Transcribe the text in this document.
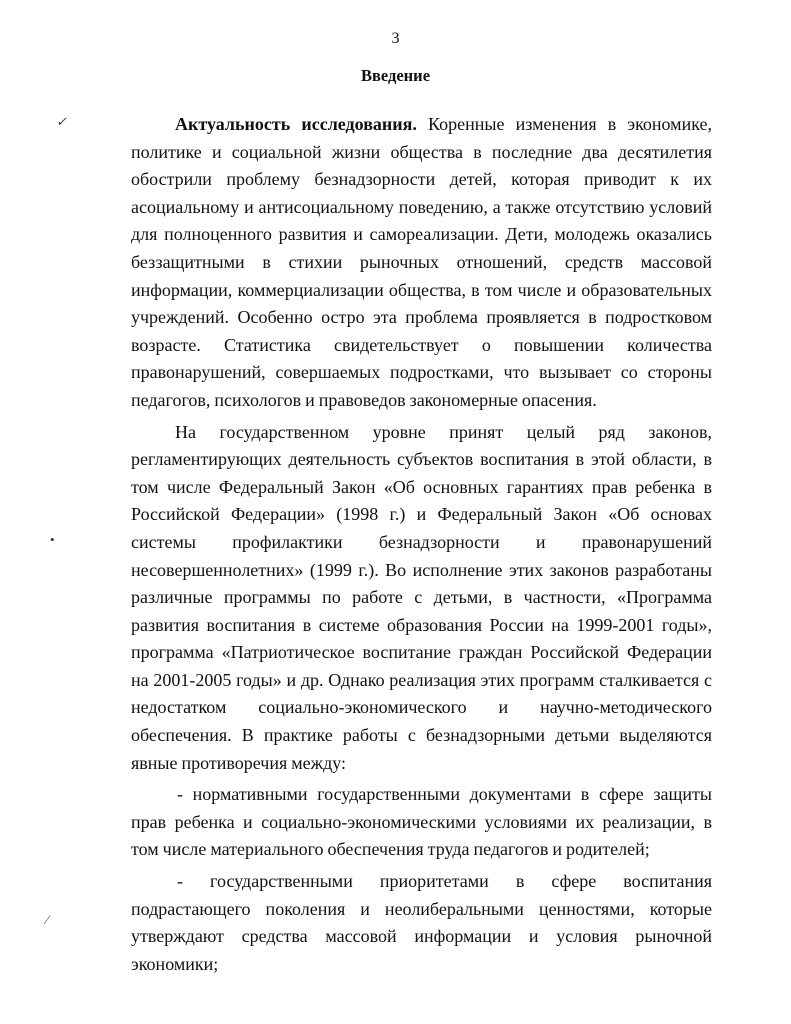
3
Введение

Актуальность исследования. Коренные изменения в экономике, политике и социальной жизни общества в последние два десятилетия обострили проблему безнадзорности детей, которая приводит к их асоциальному и антисоциальному поведению, а также отсутствию условий для полноценного развития и самореализации. Дети, молодежь оказались беззащитными в стихии рыночных отношений, средств массовой информации, коммерциализации общества, в том числе и образовательных учреждений. Особенно остро эта проблема проявляется в подростковом возрасте. Статистика свидетельствует о повышении количества правонарушений, совершаемых подростками, что вызывает со стороны педагогов, психологов и правоведов закономерные опасения.

На государственном уровне принят целый ряд законов, регламентирующих деятельность субъектов воспитания в этой области, в том числе Федеральный Закон «Об основных гарантиях прав ребенка в Российской Федерации» (1998 г.) и Федеральный Закон «Об основах системы профилактики безнадзорности и правонарушений несовершеннолетних» (1999 г.). Во исполнение этих законов разработаны различные программы по работе с детьми, в частности, «Программа развития воспитания в системе образования России на 1999-2001 годы», программа «Патриотическое воспитание граждан Российской Федерации на 2001-2005 годы» и др. Однако реализация этих программ сталкивается с недостатком социально-экономического и научно-методического обеспечения. В практике работы с безнадзорными детьми выделяются явные противоречия между:

- нормативными государственными документами в сфере защиты прав ребенка и социально-экономическими условиями их реализации, в том числе материального обеспечения труда педагогов и родителей;

- государственными приоритетами в сфере воспитания подрастающего поколения и неолиберальными ценностями, которые утверждают средства массовой информации и условия рыночной экономики;

✓
•
⁄
